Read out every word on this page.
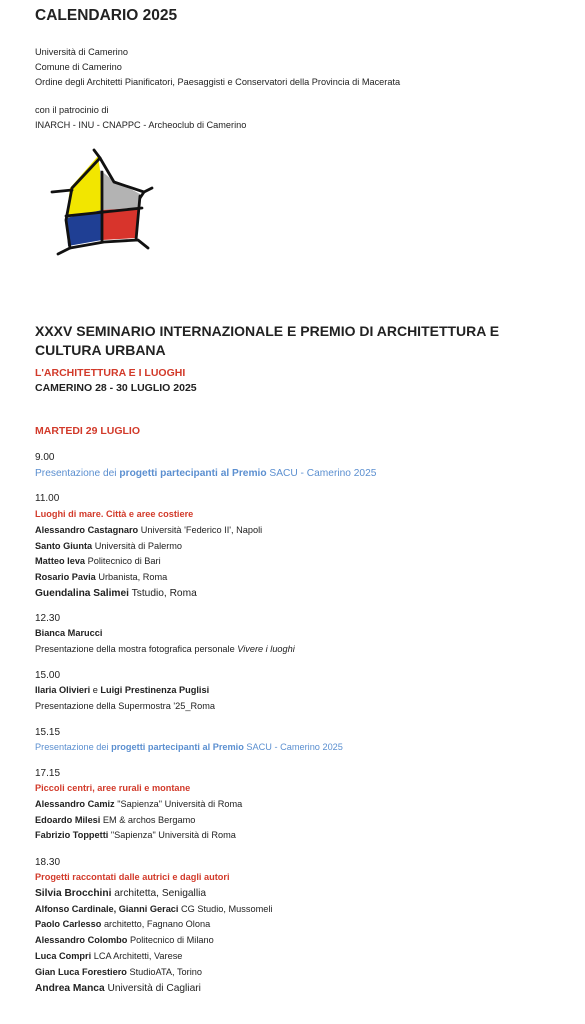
CALENDARIO 2025
Università di Camerino
Comune di Camerino
Ordine degli Architetti Pianificatori, Paesaggisti e Conservatori della Provincia di Macerata
con il patrocinio di
INARCH - INU - CNAPPC - Archeoclub di Camerino
XXXV SEMINARIO INTERNAZIONALE E PREMIO DI ARCHITETTURA E CULTURA URBANA
L'ARCHITETTURA E I LUOGHI
CAMERINO 28 - 30 LUGLIO 2025
MARTEDI 29 LUGLIO
9.00
Presentazione dei progetti partecipanti al Premio SACU - Camerino 2025
11.00
Luoghi di mare. Città e aree costiere
Alessandro Castagnaro Università 'Federico II', Napoli
Santo Giunta Università di Palermo
Matteo Ieva Politecnico di Bari
Rosario Pavia Urbanista, Roma
Guendalina Salimei Tstudio, Roma
12.30
Bianca Marucci
Presentazione della mostra fotografica personale Vivere i luoghi
15.00
Ilaria Olivieri e Luigi Prestinenza Puglisi
Presentazione della Supermostra '25_Roma
15.15
Presentazione dei progetti partecipanti al Premio SACU - Camerino 2025
17.15
Piccoli centri, aree rurali e montane
Alessandro Camiz "Sapienza" Università di Roma
Edoardo Milesi EM & archos Bergamo
Fabrizio Toppetti "Sapienza" Università di Roma
18.30
Progetti raccontati dalle autrici e dagli autori
Silvia Brocchini architetta, Senigallia
Alfonso Cardinale, Gianni Geraci CG Studio, Mussomeli
Paolo Carlesso architetto, Fagnano Olona
Alessandro Colombo Politecnico di Milano
Luca Compri LCA Architetti, Varese
Gian Luca Forestiero StudioATA, Torino
Andrea Manca Università di Cagliari
